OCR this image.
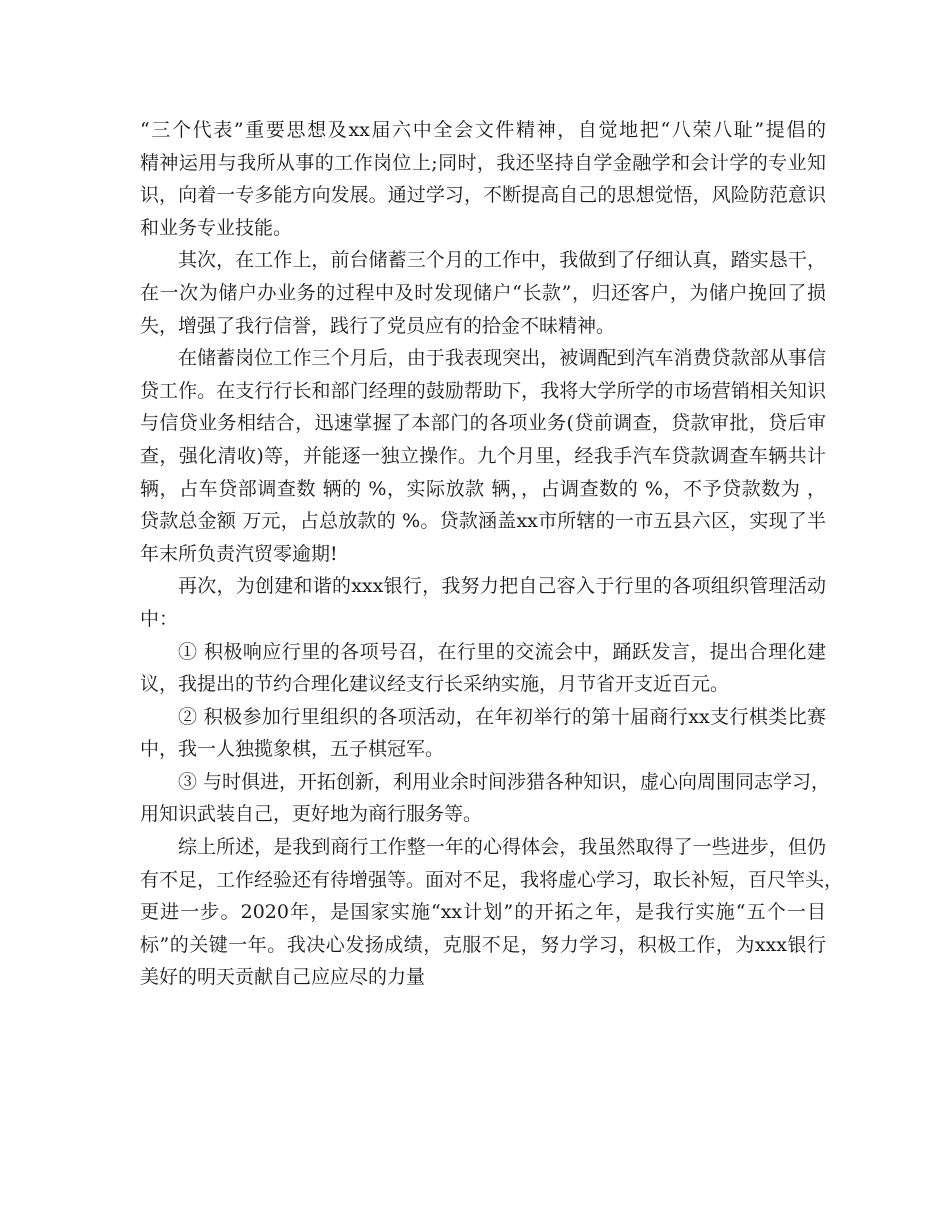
“三个代表”重要思想及xx届六中全会文件精神，自觉地把“八荣八耻”提倡的
精神运用与我所从事的工作岗位上;同时，我还坚持自学金融学和会计学的专业知
识，向着一专多能方向发展。通过学习，不断提高自己的思想觉悟，风险防范意识
和业务专业技能。
其次，在工作上，前台储蓄三个月的工作中，我做到了仔细认真，踏实恳干，
在一次为储户办业务的过程中及时发现储户“长款”，归还客户，为储户挽回了损
失，增强了我行信誉，践行了党员应有的拾金不昧精神。
在储蓄岗位工作三个月后，由于我表现突出，被调配到汽车消费贷款部从事信
贷工作。在支行行长和部门经理的鼓励帮助下，我将大学所学的市场营销相关知识
与信贷业务相结合，迅速掌握了本部门的各项业务(贷前调查，贷款审批，贷后审
查，强化清收)等，并能逐一独立操作。九个月里，经我手汽车贷款调查车辆共计
辆，占车贷部调查数 辆的 %，实际放款 辆，，占调查数的 %，不予贷款数为 ，
贷款总金额 万元，占总放款的 %。贷款涵盖xx市所辖的一市五县六区，实现了半
年末所负责汽贸零逾期!
再次，为创建和谐的xxx银行，我努力把自己容入于行里的各项组织管理活动
中：
① 积极响应行里的各项号召，在行里的交流会中，踊跃发言，提出合理化建
议，我提出的节约合理化建议经支行长采纳实施，月节省开支近百元。
② 积极参加行里组织的各项活动，在年初举行的第十届商行xx支行棋类比赛
中，我一人独揽象棋，五子棋冠军。
③ 与时俱进，开拓创新，利用业余时间涉猎各种知识，虚心向周围同志学习，
用知识武装自己，更好地为商行服务等。
综上所述，是我到商行工作整一年的心得体会，我虽然取得了一些进步，但仍
有不足，工作经验还有待增强等。面对不足，我将虚心学习，取长补短，百尺竿头，
更进一步。2020年，是国家实施“xx计划”的开拓之年，是我行实施“五个一目
标”的关键一年。我决心发扬成绩，克服不足，努力学习，积极工作，为xxx银行
美好的明天贡献自己应应尽的力量
